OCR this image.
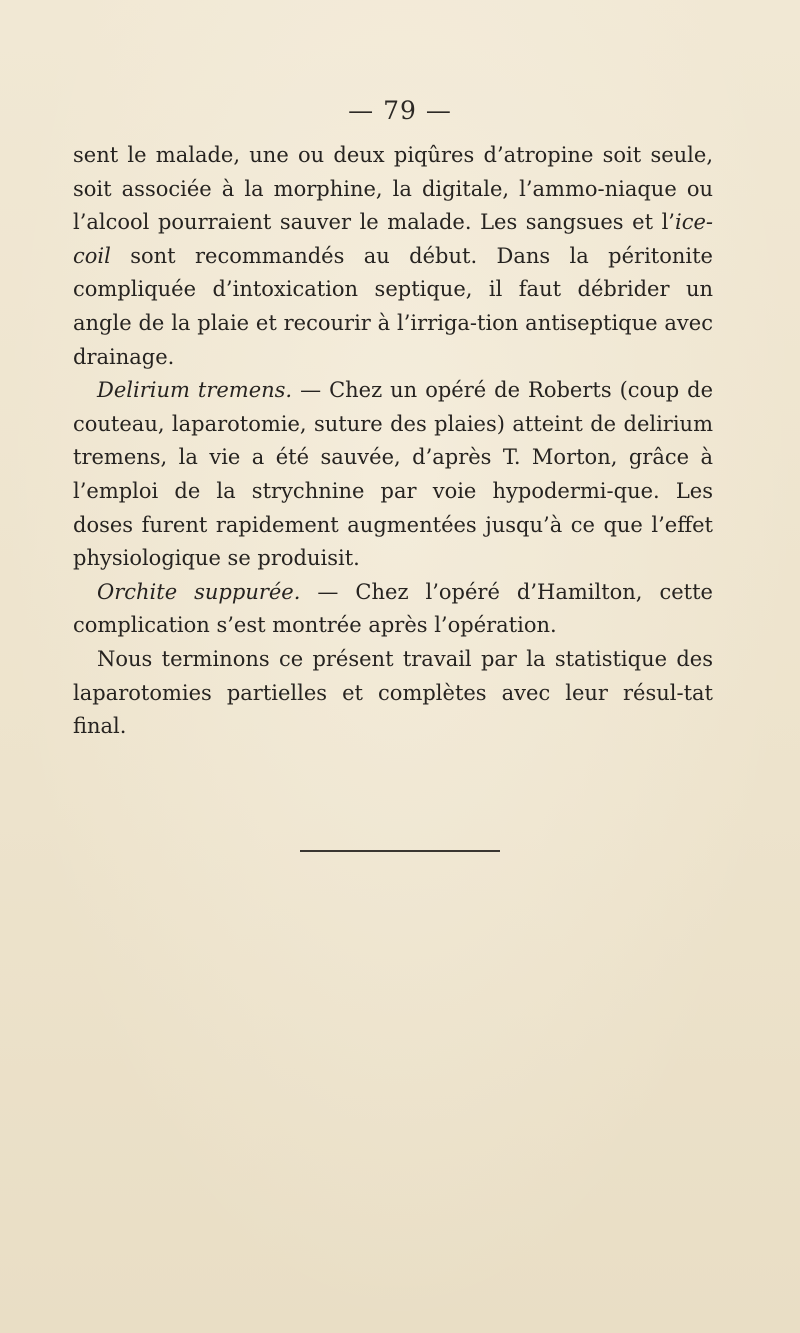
— 79 —

sent le malade, une ou deux piqûres d’atropine soit seule, soit associée à la morphine, la digitale, l’ammo-niaque ou l’alcool pourraient sauver le malade. Les sangsues et l’ice-coil sont recommandés au début. Dans la péritonite compliquée d’intoxication septique, il faut débrider un angle de la plaie et recourir à l’irriga-tion antiseptique avec drainage.

Delirium tremens. — Chez un opéré de Roberts (coup de couteau, laparotomie, suture des plaies) atteint de delirium tremens, la vie a été sauvée, d’après T. Morton, grâce à l’emploi de la strychnine par voie hypodermi-que. Les doses furent rapidement augmentées jusqu’à ce que l’effet physiologique se produisit.

Orchite suppurée. — Chez l’opéré d’Hamilton, cette complication s’est montrée après l’opération.

Nous terminons ce présent travail par la statistique des laparotomies partielles et complètes avec leur résul-tat final.
